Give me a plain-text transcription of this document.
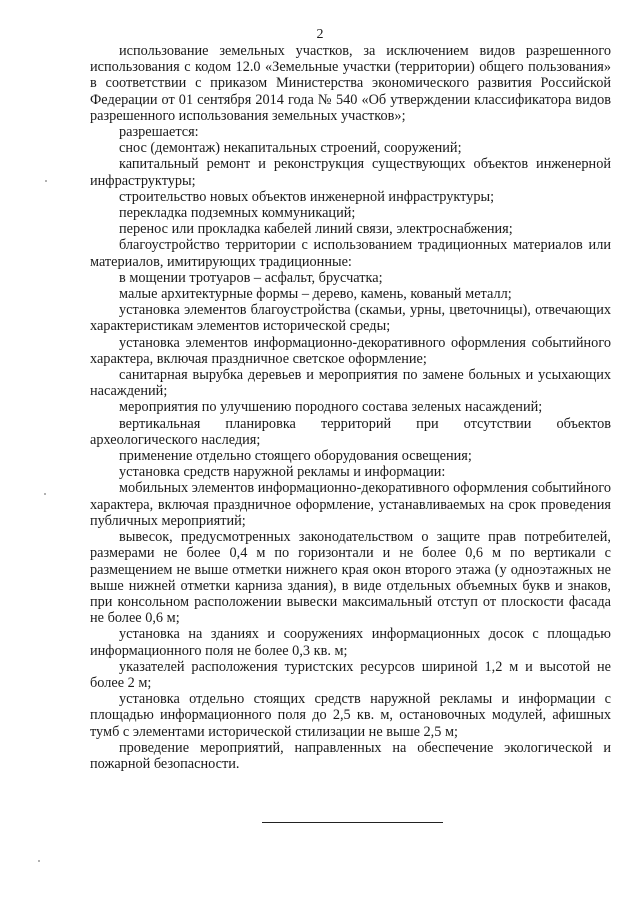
2

использование земельных участков, за исключением видов разрешенного использования с кодом 12.0 «Земельные участки (территории) общего пользования» в соответствии с приказом Министерства экономического развития Российской Федерации от 01 сентября 2014 года № 540 «Об утверждении классификатора видов разрешенного использования земельных участков»;

разрешается:

снос (демонтаж) некапитальных строений, сооружений;

капитальный ремонт и реконструкция существующих объектов инженерной инфраструктуры;

строительство новых объектов инженерной инфраструктуры;

перекладка подземных коммуникаций;

перенос или прокладка кабелей линий связи, электроснабжения;

благоустройство территории с использованием традиционных материалов или материалов, имитирующих традиционные:

в мощении тротуаров – асфальт, брусчатка;

малые архитектурные формы – дерево, камень, кованый металл;

установка элементов благоустройства (скамьи, урны, цветочницы), отвечающих характеристикам элементов исторической среды;

установка элементов информационно-декоративного оформления событийного характера, включая праздничное светское оформление;

санитарная вырубка деревьев и мероприятия по замене больных и усыхающих насаждений;

мероприятия по улучшению породного состава зеленых насаждений;

вертикальная планировка территорий при отсутствии объектов археологического наследия;

применение отдельно стоящего оборудования освещения;

установка средств наружной рекламы и информации:

мобильных элементов информационно-декоративного оформления событийного характера, включая праздничное оформление, устанавливаемых на срок проведения публичных мероприятий;

вывесок, предусмотренных законодательством о защите прав потребителей, размерами не более 0,4 м по горизонтали и не более 0,6 м по вертикали с размещением не выше отметки нижнего края окон второго этажа (у одноэтажных не выше нижней отметки карниза здания), в виде отдельных объемных букв и знаков, при консольном расположении вывески максимальный отступ от плоскости фасада не более 0,6 м;

установка на зданиях и сооружениях информационных досок с площадью информационного поля не более 0,3 кв. м;

указателей расположения туристских ресурсов шириной 1,2 м и высотой не более 2 м;

установка отдельно стоящих средств наружной рекламы и информации с площадью информационного поля до 2,5 кв. м, остановочных модулей, афишных тумб с элементами исторической стилизации не выше 2,5 м;

проведение мероприятий, направленных на обеспечение экологической и пожарной безопасности.
